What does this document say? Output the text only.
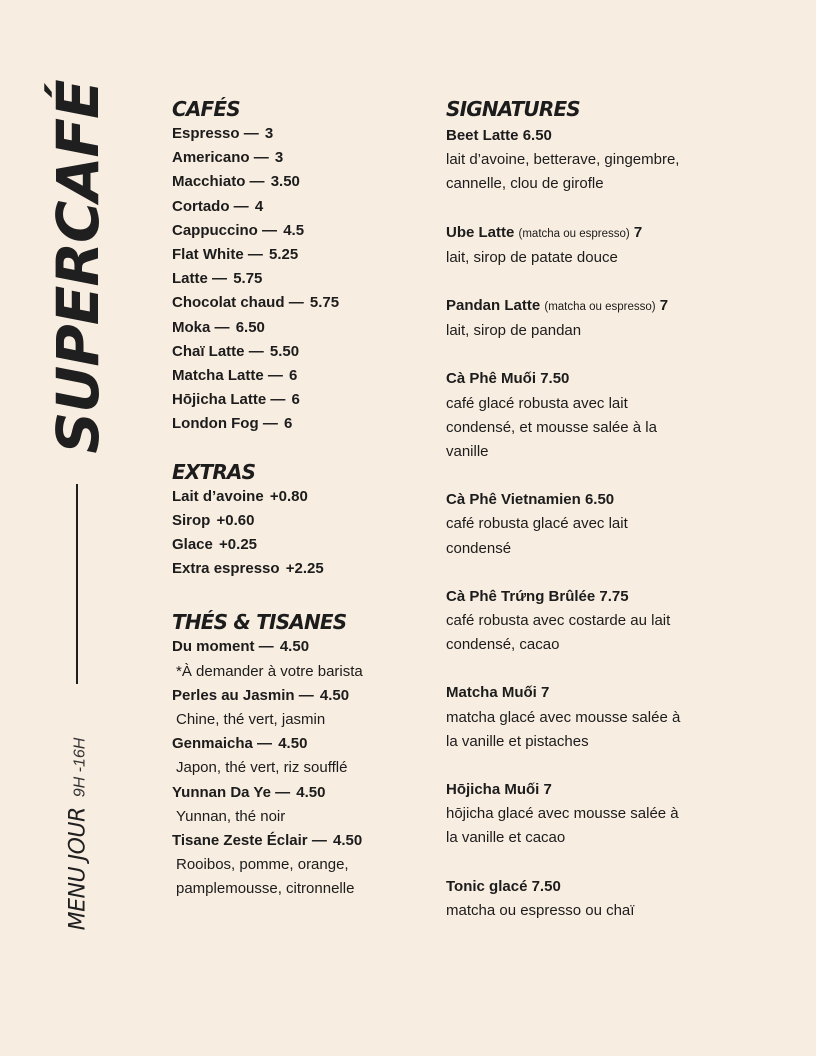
SUPERCAFÉ
MENU JOUR9H -16H
CAFÉS
Espresso — 3
Americano — 3
Macchiato — 3.50
Cortado — 4
Cappuccino — 4.5
Flat White — 5.25
Latte — 5.75
Chocolat chaud — 5.75
Moka — 6.50
Chaï Latte — 5.50
Matcha Latte — 6
Hōjicha Latte — 6
London Fog — 6
EXTRAS
Lait d’avoine +0.80
Sirop +0.60
Glace +0.25
Extra espresso +2.25
THÉS & TISANES
Du moment — 4.50
*À demander à votre barista
Perles au Jasmin — 4.50
Chine, thé vert, jasmin
Genmaicha — 4.50
Japon, thé vert, riz soufflé
Yunnan Da Ye — 4.50
Yunnan, thé noir
Tisane Zeste Éclair — 4.50
Rooibos, pomme, orange,
pamplemousse, citronnelle
SIGNATURES
Beet Latte 6.50
lait d’avoine, betterave, gingembre,
cannelle, clou de girofle
Ube Latte (matcha ou espresso) 7
lait, sirop de patate douce
Pandan Latte (matcha ou espresso) 7
lait, sirop de pandan
Cà Phê Muối 7.50
café glacé robusta avec lait
condensé, et mousse salée à la
vanille
Cà Phê Vietnamien 6.50
café robusta glacé avec lait
condensé
Cà Phê Trứng Brûlée 7.75
café robusta avec costarde au lait
condensé, cacao
Matcha Muối 7
matcha glacé avec mousse salée à
la vanille et pistaches
Hōjicha Muối 7
hōjicha glacé avec mousse salée à
la vanille et cacao
Tonic glacé 7.50
matcha ou espresso ou chaï
